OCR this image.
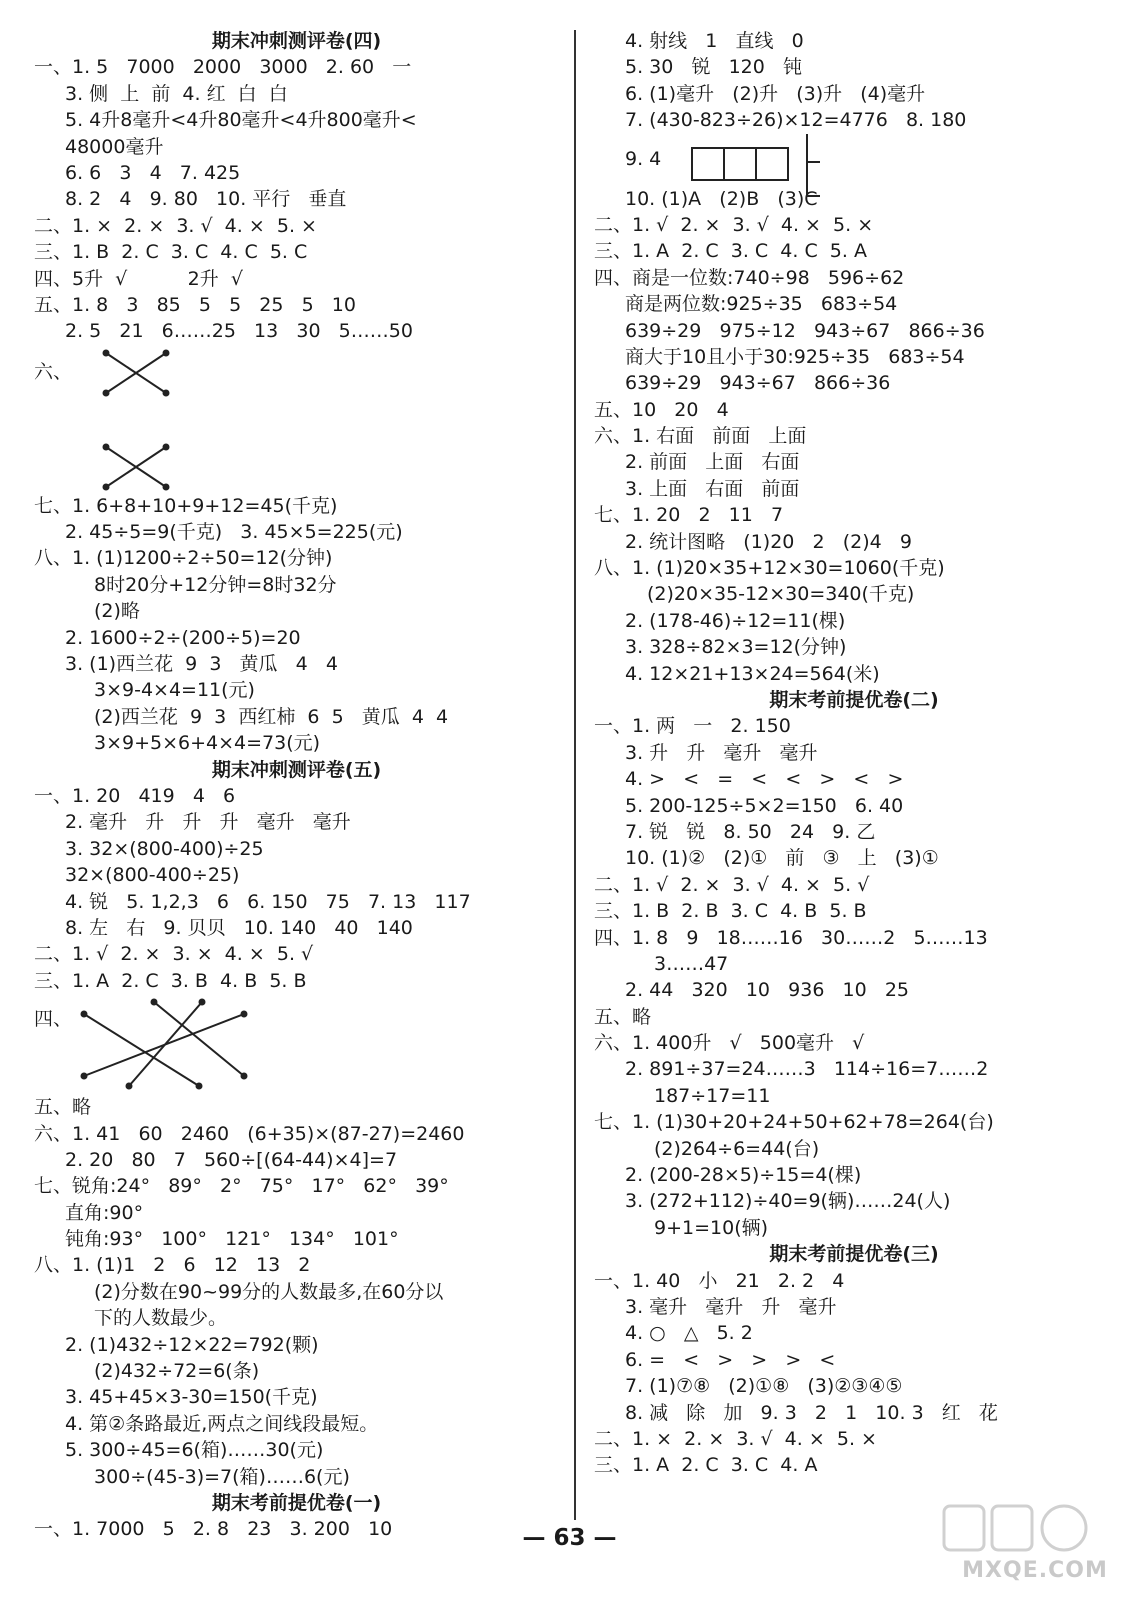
期末冲刺测评卷(四)
一、1. 5   7000   2000   3000   2. 60   一
3. 侧  上  前  4. 红  白  白
5. 4升8毫升<4升80毫升<4升800毫升<
48000毫升
6. 6   3   4   7. 425
8. 2   4   9. 80   10. 平行   垂直
二、1. ×  2. ×  3. √  4. ×  5. ×
三、1. B  2. C  3. C  4. C  5. C
四、5升  √          2升  √
五、1. 8   3   85   5   5   25   5   10
2. 5   21   6……25   13   30   5……50
六、
七、1. 6+8+10+9+12=45(千克)
2. 45÷5=9(千克)   3. 45×5=225(元)
八、1. (1)1200÷2÷50=12(分钟)
8时20分+12分钟=8时32分
(2)略
2. 1600÷2÷(200÷5)=20
3. (1)西兰花  9  3   黄瓜   4   4
3×9-4×4=11(元)
(2)西兰花  9  3  西红柿  6  5   黄瓜  4  4
3×9+5×6+4×4=73(元)
期末冲刺测评卷(五)
一、1. 20   419   4   6
2. 毫升   升   升   升   毫升   毫升
3. 32×(800-400)÷25
32×(800-400÷25)
4. 锐   5. 1,2,3   6   6. 150   75   7. 13   117
8. 左   右   9. 贝贝   10. 140   40   140
二、1. √  2. ×  3. ×  4. ×  5. √
三、1. A  2. C  3. B  4. B  5. B
四、
五、略
六、1. 41   60   2460   (6+35)×(87-27)=2460
2. 20   80   7   560÷[(64-44)×4]=7
七、锐角:24°   89°   2°   75°   17°   62°   39°
直角:90°
钝角:93°   100°   121°   134°   101°
八、1. (1)1   2   6   12   13   2
(2)分数在90~99分的人数最多,在60分以
下的人数最少。
2. (1)432÷12×22=792(颗)
(2)432÷72=6(条)
3. 45+45×3-30=150(千克)
4. 第②条路最近,两点之间线段最短。
5. 300÷45=6(箱)……30(元)
300÷(45-3)=7(箱)……6(元)
期末考前提优卷(一)
一、1. 7000   5   2. 8   23   3. 200   10
4. 射线   1   直线   0
5. 30   锐   120   钝
6. (1)毫升   (2)升   (3)升   (4)毫升
7. (430-823÷26)×12=4776   8. 180
9. 4
10. (1)A   (2)B   (3)C
二、1. √  2. ×  3. √  4. ×  5. ×
三、1. A  2. C  3. C  4. C  5. A
四、商是一位数:740÷98   596÷62
商是两位数:925÷35   683÷54
639÷29   975÷12   943÷67   866÷36
商大于10且小于30:925÷35   683÷54
639÷29   943÷67   866÷36
五、10   20   4
六、1. 右面   前面   上面
2. 前面   上面   右面
3. 上面   右面   前面
七、1. 20   2   11   7
2. 统计图略   (1)20   2   (2)4   9
八、1. (1)20×35+12×30=1060(千克)
(2)20×35-12×30=340(千克)
2. (178-46)÷12=11(棵)
3. 328÷82×3=12(分钟)
4. 12×21+13×24=564(米)
期末考前提优卷(二)
一、1. 两   一   2. 150
3. 升   升   毫升   毫升
4. >   <   =   <   <   >   <   >
5. 200-125÷5×2=150   6. 40
7. 锐   锐   8. 50   24   9. 乙
10. (1)②   (2)①   前   ③   上   (3)①
二、1. √  2. ×  3. √  4. ×  5. √
三、1. B  2. B  3. C  4. B  5. B
四、1. 8   9   18……16   30……2   5……13
3……47
2. 44   320   10   936   10   25
五、略
六、1. 400升   √   500毫升   √
2. 891÷37=24……3   114÷16=7……2
187÷17=11
七、1. (1)30+20+24+50+62+78=264(台)
(2)264÷6=44(台)
2. (200-28×5)÷15=4(棵)
3. (272+112)÷40=9(辆)……24(人)
9+1=10(辆)
期末考前提优卷(三)
一、1. 40   小   21   2. 2   4
3. 毫升   毫升   升   毫升
4. ○   △   5. 2
6. =   <   >   >   >   <
7. (1)⑦⑧   (2)①⑧   (3)②③④⑤
8. 减   除   加   9. 3   2   1   10. 3   红   花
二、1. ×  2. ×  3. √  4. ×  5. ×
三、1. A  2. C  3. C  4. A
— 63 —
MXQE.COM
